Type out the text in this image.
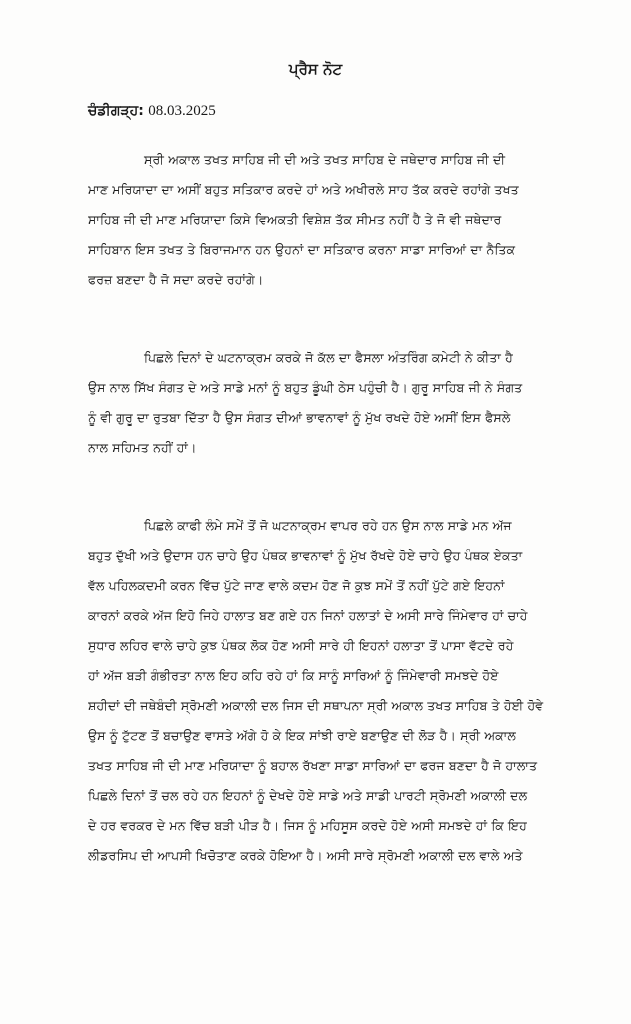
ਪ੍ਰੈਸ ਨੋਟ
ਚੰਡੀਗੜ੍ਹ: 08.03.2025
ਸ੍ਰੀ ਅਕਾਲ ਤਖਤ ਸਾਹਿਬ ਜੀ ਦੀ ਅਤੇ ਤਖਤ ਸਾਹਿਬ ਦੇ ਜਥੇਦਾਰ ਸਾਹਿਬ ਜੀ ਦੀ
ਮਾਣ ਮਰਿਯਾਦਾ ਦਾ ਅਸੀਂ ਬਹੁਤ ਸਤਿਕਾਰ ਕਰਦੇ ਹਾਂ ਅਤੇ ਅਖੀਰਲੇ ਸਾਹ ਤੱਕ ਕਰਦੇ ਰਹਾਂਗੇ ਤਖਤ
ਸਾਹਿਬ ਜੀ ਦੀ ਮਾਣ ਮਰਿਯਾਦਾ ਕਿਸੇ ਵਿਅਕਤੀ ਵਿਸ਼ੇਸ਼ ਤੱਕ ਸੀਮਤ ਨਹੀਂ ਹੈ ਤੇ ਜੋ ਵੀ ਜਥੇਦਾਰ
ਸਾਹਿਬਾਨ ਇਸ ਤਖਤ ਤੇ ਬਿਰਾਜਮਾਨ ਹਨ ਉਹਨਾਂ ਦਾ ਸਤਿਕਾਰ ਕਰਨਾ ਸਾਡਾ ਸਾਰਿਆਂ ਦਾ ਨੈਤਿਕ
ਫਰਜ਼ ਬਣਦਾ ਹੈ ਜੋ ਸਦਾ ਕਰਦੇ ਰਹਾਂਗੇ।
ਪਿਛਲੇ ਦਿਨਾਂ ਦੇ ਘਟਨਾਕ੍ਰਮ ਕਰਕੇ ਜੋ ਕੱਲ ਦਾ ਫੈਸਲਾ ਅੰਤਰਿੰਗ ਕਮੇਟੀ ਨੇ ਕੀਤਾ ਹੈ
ਉਸ ਨਾਲ ਸਿੱਖ ਸੰਗਤ ਦੇ ਅਤੇ ਸਾਡੇ ਮਨਾਂ ਨੂੰ ਬਹੁਤ ਡੂੰਘੀ ਠੇਸ ਪਹੁੰਚੀ ਹੈ। ਗੁਰੂ ਸਾਹਿਬ ਜੀ ਨੇ ਸੰਗਤ
ਨੂੰ ਵੀ ਗੁਰੂ ਦਾ ਰੁਤਬਾ ਦਿੱਤਾ ਹੈ ਉਸ ਸੰਗਤ ਦੀਆਂ ਭਾਵਨਾਵਾਂ ਨੂੰ ਮੁੱਖ ਰਖਦੇ ਹੋਏ ਅਸੀਂ ਇਸ ਫੈਸਲੇ
ਨਾਲ ਸਹਿਮਤ ਨਹੀਂ ਹਾਂ।
ਪਿਛਲੇ ਕਾਫੀ ਲੰਮੇ ਸਮੇਂ ਤੋਂ ਜੋ ਘਟਨਾਕ੍ਰਮ ਵਾਪਰ ਰਹੇ ਹਨ ਉਸ ਨਾਲ ਸਾਡੇ ਮਨ ਅੱਜ
ਬਹੁਤ ਦੁੱਖੀ ਅਤੇ ਉਦਾਸ ਹਨ ਚਾਹੇ ਉਹ ਪੰਥਕ ਭਾਵਨਾਵਾਂ ਨੂੰ ਮੁੱਖ ਰੱਖਦੇ ਹੋਏ ਚਾਹੇ ਉਹ ਪੰਥਕ ਏਕਤਾ
ਵੱਲ ਪਹਿਲਕਦਮੀ ਕਰਨ ਵਿੱਚ ਪੁੱਟੇ ਜਾਣ ਵਾਲੇ ਕਦਮ ਹੋਣ ਜੋ ਕੁਝ ਸਮੇਂ ਤੋਂ ਨਹੀਂ ਪੁੱਟੇ ਗਏ ਇਹਨਾਂ
ਕਾਰਨਾਂ ਕਰਕੇ ਅੱਜ ਇਹੋ ਜਿਹੇ ਹਾਲਾਤ ਬਣ ਗਏ ਹਨ ਜਿਨਾਂ ਹਲਾਤਾਂ ਦੇ ਅਸੀ ਸਾਰੇ ਜਿੰਮੇਵਾਰ ਹਾਂ ਚਾਹੇ
ਸੁਧਾਰ ਲਹਿਰ ਵਾਲੇ ਚਾਹੇ ਕੁਝ ਪੰਥਕ ਲੋਕ ਹੋਣ ਅਸੀ ਸਾਰੇ ਹੀ ਇਹਨਾਂ ਹਲਾਤਾ ਤੋਂ ਪਾਸਾ ਵੱਟਦੇ ਰਹੇ
ਹਾਂ ਅੱਜ ਬੜੀ ਗੰਭੀਰਤਾ ਨਾਲ ਇਹ ਕਹਿ ਰਹੇ ਹਾਂ ਕਿ ਸਾਨੂੰ ਸਾਰਿਆਂ ਨੂੰ ਜਿੰਮੇਵਾਰੀ ਸਮਝਦੇ ਹੋਏ
ਸ਼ਹੀਦਾਂ ਦੀ ਜਥੇਬੰਦੀ ਸ੍ਰੋਮਣੀ ਅਕਾਲੀ ਦਲ ਜਿਸ ਦੀ ਸਥਾਪਨਾ ਸ੍ਰੀ ਅਕਾਲ ਤਖਤ ਸਾਹਿਬ ਤੇ ਹੋਈ ਹੋਵੇ
ਉਸ ਨੂੰ ਟੁੱਟਣ ਤੋਂ ਬਚਾਉਣ ਵਾਸਤੇ ਅੱਗੇ ਹੋ ਕੇ ਇਕ ਸਾਂਝੀ ਰਾਏ ਬਣਾਉਣ ਦੀ ਲੋੜ ਹੈ। ਸ੍ਰੀ ਅਕਾਲ
ਤਖਤ ਸਾਹਿਬ ਜੀ ਦੀ ਮਾਣ ਮਰਿਯਾਦਾ ਨੂੰ ਬਹਾਲ ਰੱਖਣਾ ਸਾਡਾ ਸਾਰਿਆਂ ਦਾ ਫਰਜ ਬਣਦਾ ਹੈ ਜੋ ਹਾਲਾਤ
ਪਿਛਲੇ ਦਿਨਾਂ ਤੋਂ ਚਲ ਰਹੇ ਹਨ ਇਹਨਾਂ ਨੂੰ ਦੇਖਦੇ ਹੋਏ ਸਾਡੇ ਅਤੇ ਸਾਡੀ ਪਾਰਟੀ ਸ੍ਰੋਮਣੀ ਅਕਾਲੀ ਦਲ
ਦੇ ਹਰ ਵਰਕਰ ਦੇ ਮਨ ਵਿੱਚ ਬੜੀ ਪੀੜ ਹੈ। ਜਿਸ ਨੂੰ ਮਹਿਸੂਸ ਕਰਦੇ ਹੋਏ ਅਸੀ ਸਮਝਦੇ ਹਾਂ ਕਿ ਇਹ
ਲੀਡਰਸਿਪ ਦੀ ਆਪਸੀ ਖਿਚੋਤਾਣ ਕਰਕੇ ਹੋਇਆ ਹੈ। ਅਸੀ ਸਾਰੇ ਸ੍ਰੋਮਣੀ ਅਕਾਲੀ ਦਲ ਵਾਲੇ ਅਤੇ
